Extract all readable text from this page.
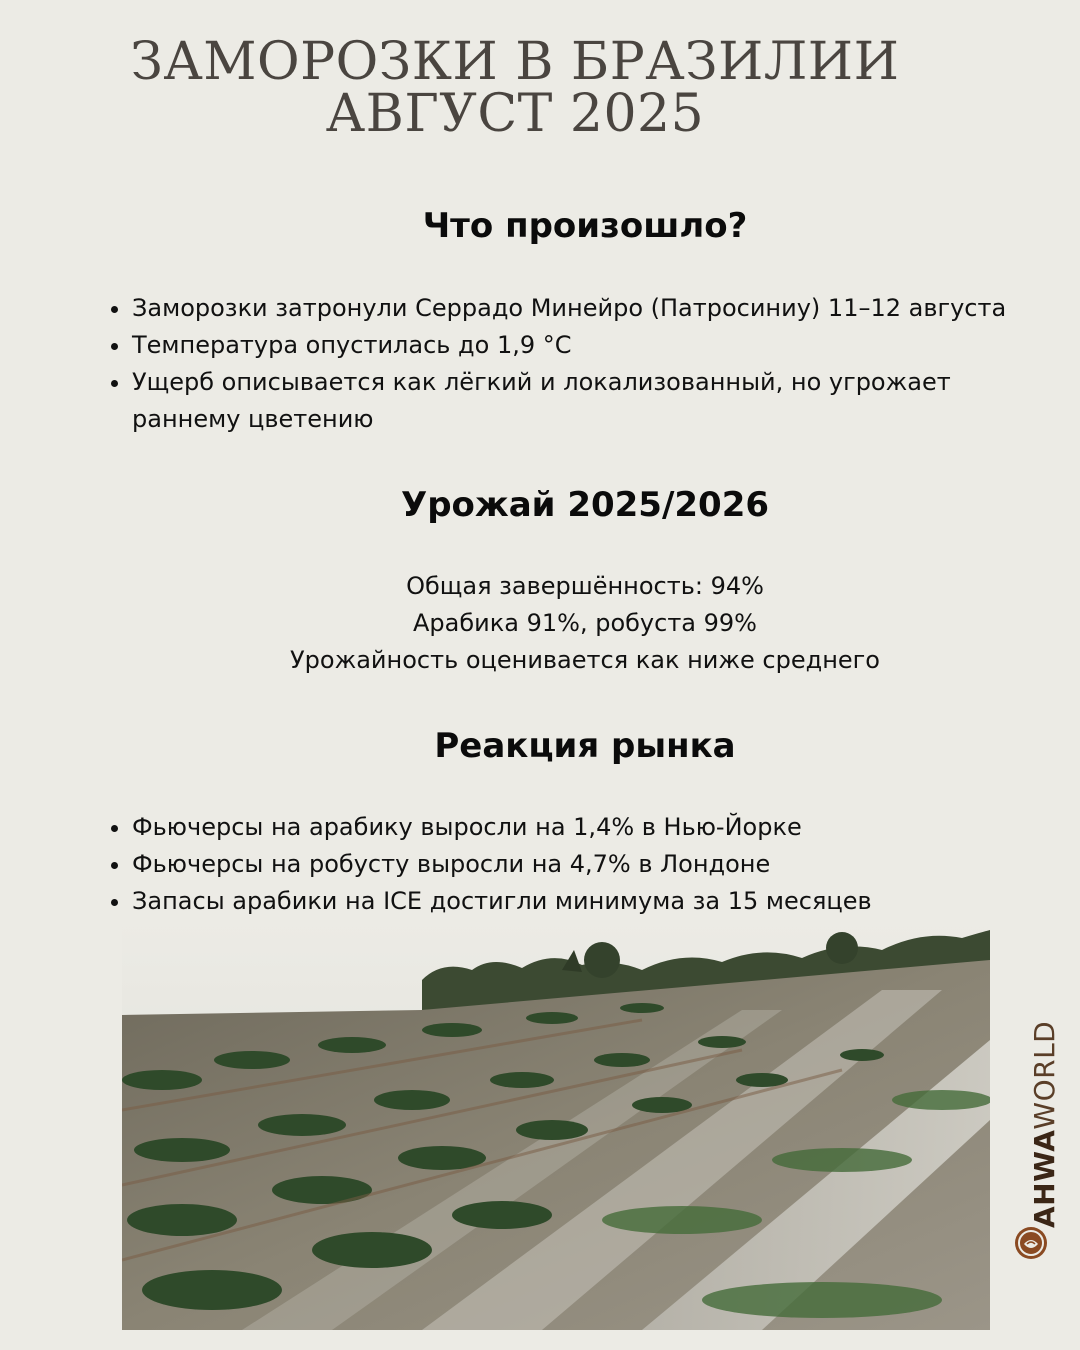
ЗАМОРОЗКИ В БРАЗИЛИИ
АВГУСТ 2025
Что произошло?
• Заморозки затронули Серрадо Минейро (Патросиниу) 11–12 августа
• Температура опустилась до 1,9 °С
• Ущерб описывается как лёгкий и локализованный, но угрожает раннему цветению
Урожай 2025/2026
Общая завершённость: 94%
Арабика 91%, робуста 99%
Урожайность оценивается как ниже среднего
Реакция рынка
• Фьючерсы на арабику выросли на 1,4% в Нью-Йорке
• Фьючерсы на робусту выросли на 4,7% в Лондоне
• Запасы арабики на ICE достигли минимума за 15 месяцев
AHWAWORLD
